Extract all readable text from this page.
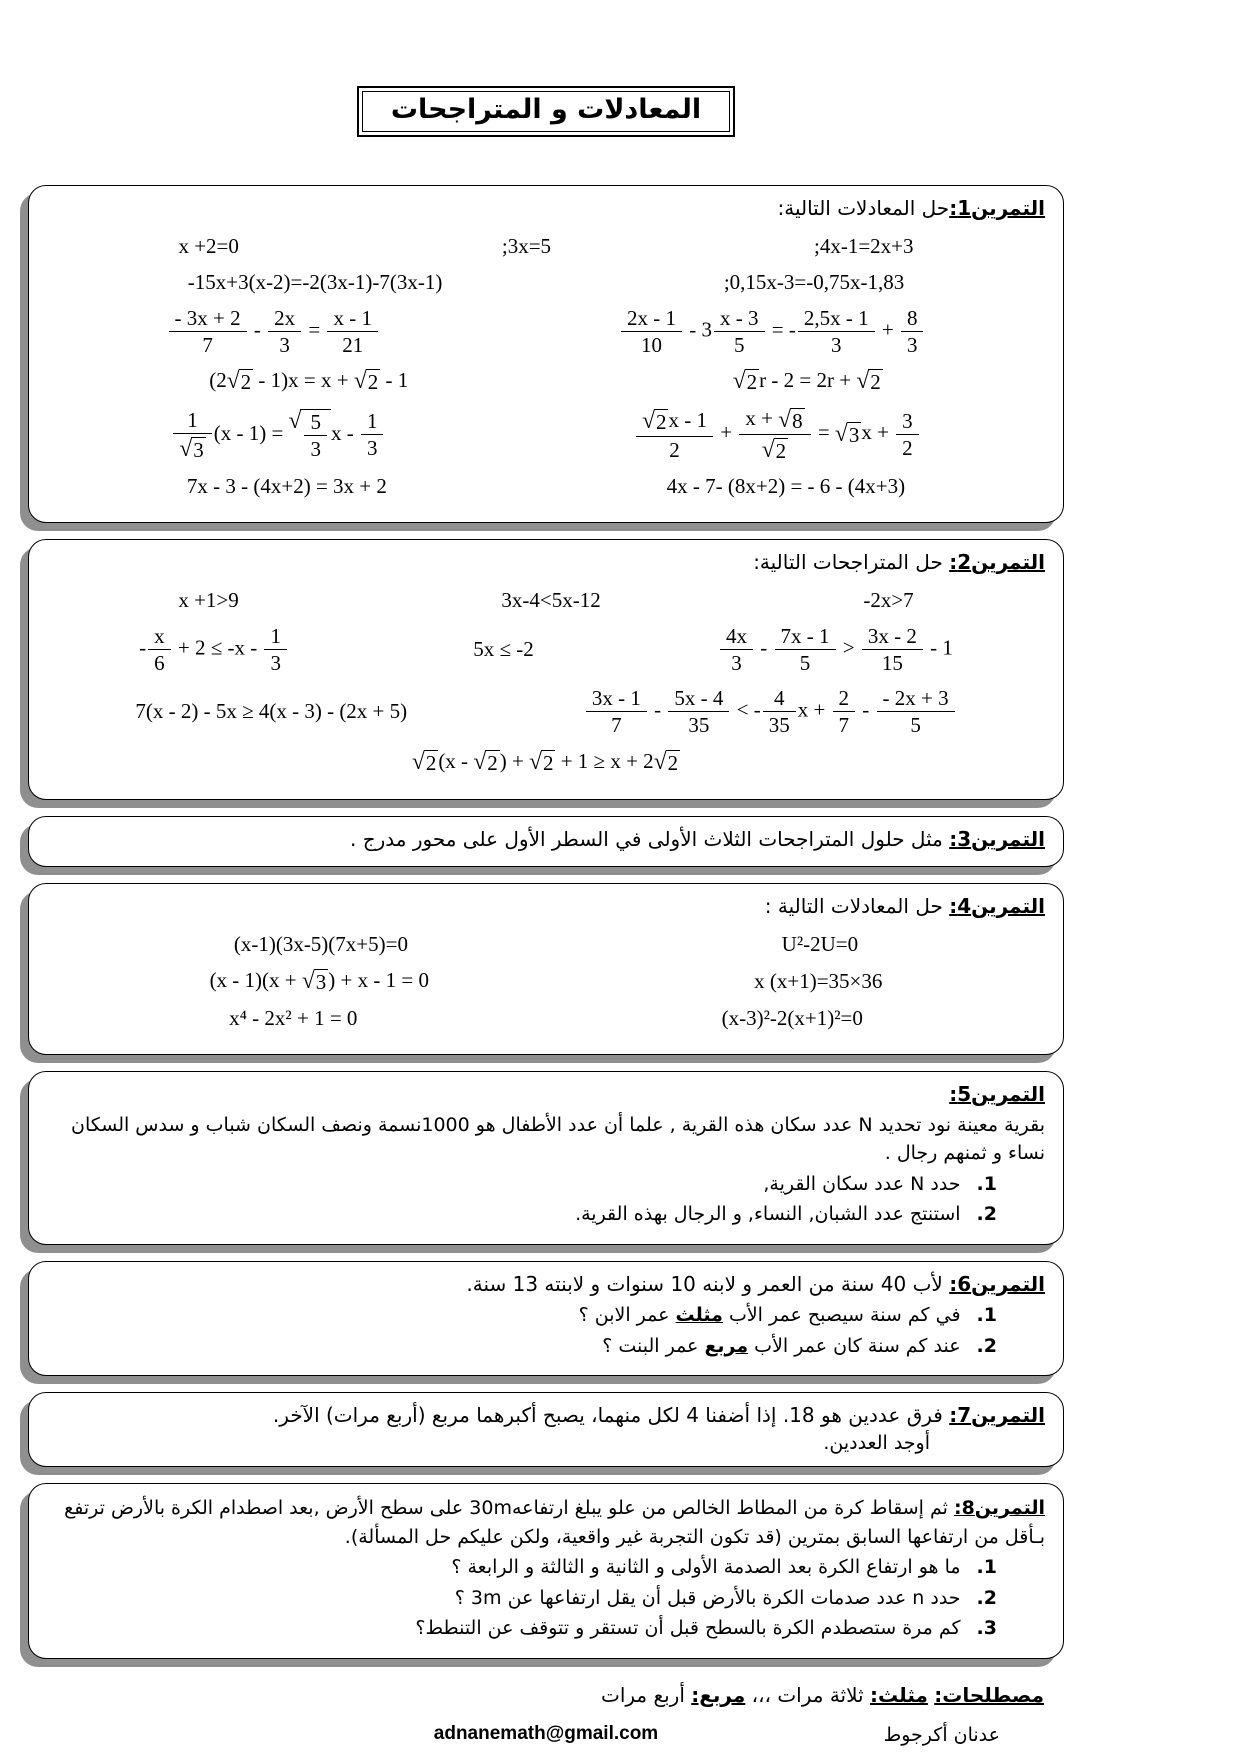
المعادلات و المتراجحات
التمرين1:حل المعادلات التالية:
x +2=0	;3x=5	;4x-1=2x+3
-15x+3(x-2)=-2(3x-1)-7(3x-1)	;0,15x-3=-0,75x-1,83
$\frac{- 3x + 2}{7} - \frac{2x}{3} = \frac{x - 1}{21}$	$\frac{2x - 1}{10} - 3 \frac{x - 3}{5}$ = - $\frac{2,5x - 1}{3} + \frac{8}{3}$
(2 √ 2 - 1)x = x + √ 2 - 1	√ 2 r - 2 = 2r + √ 2
$\frac{1}{√ 3} (x - 1)$ = √ $\frac{5}{3}$ x - $\frac{1}{3}$	$\frac{√ 2 x - 1}{2} + \frac{x + √ 8}{√ 2}$ = √ 3 $x + \frac{3}{2}$
7x - 3 - (4x+2) = 3x + 2	4x - 7- (8x+2) = - 6 - (4x+3)
التمرين2: حل المتراجحات التالية:
x +1>9	3x-4<5x-12	-2x>7
- $\frac{x}{6} + 2 \le -x - \frac{1}{3}$	5x ≤ -2	$\frac{4x}{3} - \frac{7x - 1}{5} > \frac{3x - 2}{15} - 1$
7(x - 2) - 5x ≥ 4(x - 3) - (2x + 5)	$\frac{3x - 1}{7} - \frac{5x - 4}{35}$ < - $\frac{4}{35}$ $x + \frac{2}{7} - \frac{- 2x + 3}{5}$
√ 2 (x - √ 2 ) + √ 2 + 1 ≥ x + 2 √ 2
التمرين3: مثل حلول المتراجحات الثلاث الأولى في السطر الأول على محور مدرج .
التمرين4: حل المعادلات التالية :
(x-1)(3x-5)(7x+5)=0	U²-2U=0
(x - 1)(x + √ 3 ) + x - 1 = 0	x (x+1)=35×36
x⁴ - 2x² + 1 = 0	(x-3)²-2(x+1)²=0
التمرين5:

بقرية معينة نود تحديد N عدد سكان هذه القرية , علما أن عدد الأطفال هو 1000نسمة ونصف السكان شباب و سدس السكان نساء و ثمنهم رجال .

حدد N عدد سكان القرية,
استنتج عدد الشبان, النساء, و الرجال بهذه القرية.
التمرين6: لأب 40 سنة من العمر و لابنه 10 سنوات و لابنته 13 سنة.
في كم سنة سيصبح عمر الأب مثلث عمر الابن ؟
عند كم سنة كان عمر الأب مربع عمر البنت ؟
التمرين7: فرق عددين هو 18. إذا أضفنا 4 لكل منهما، يصبح أكبرهما مربع (أربع مرات) الآخر.
أوجد العددين.

التمرين8: ثم إسقاط كرة من المطاط الخالص من علو يبلغ ارتفاعه30m على سطح الأرض ,بعد اصطدام الكرة بالأرض ترتفع بـأقل من ارتفاعها السابق بمترين (قد تكون التجربة غير واقعية، ولكن عليكم حل المسألة).

ما هو ارتفاع الكرة بعد الصدمة الأولى و الثانية و الثالثة و الرابعة ؟
حدد n عدد صدمات الكرة بالأرض قبل أن يقل ارتفاعها عن 3m ؟
كم مرة ستصطدم الكرة بالسطح قبل أن تستقر و تتوقف عن التنطط؟
مصطلحات: مثلث: ثلاثة مرات ،،، مربع: أربع مرات
adnanemath@gmail.com	عدنان أكرجوط
